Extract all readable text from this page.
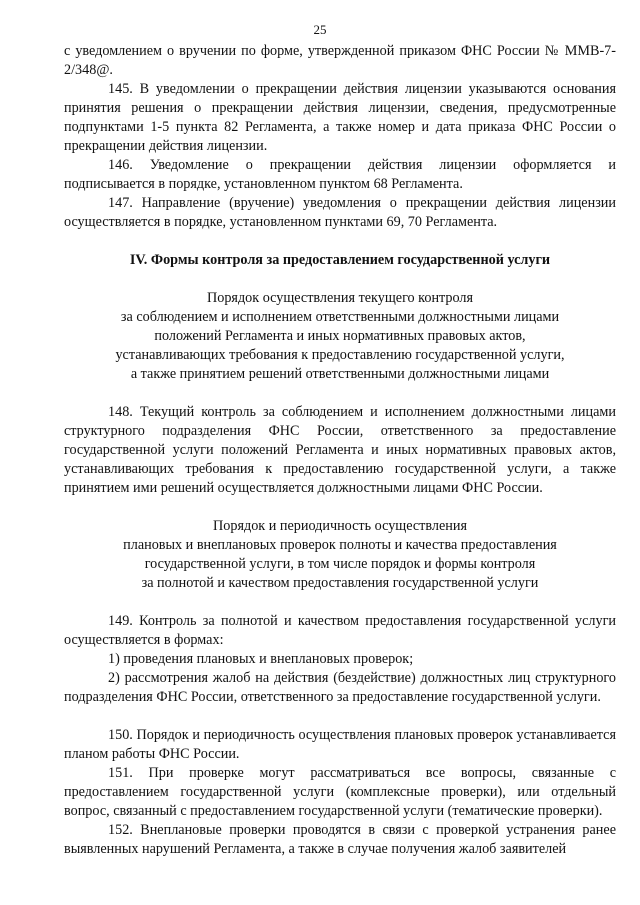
25

с уведомлением о вручении по форме, утвержденной приказом ФНС России № ММВ-7-2/348@.

145. В уведомлении о прекращении действия лицензии указываются основания принятия решения о прекращении действия лицензии, сведения, предусмотренные подпунктами 1-5 пункта 82 Регламента, а также номер и дата приказа ФНС России о прекращении действия лицензии.

146. Уведомление о прекращении действия лицензии оформляется и подписывается в порядке, установленном пунктом 68 Регламента.

147. Направление (вручение) уведомления о прекращении действия лицензии осуществляется в порядке, установленном пунктами 69, 70 Регламента.

IV. Формы контроля за предоставлением государственной услуги

Порядок осуществления текущего контроля

за соблюдением и исполнением ответственными должностными лицами

положений Регламента и иных нормативных правовых актов,

устанавливающих требования к предоставлению государственной услуги,

а также принятием решений ответственными должностными лицами

148. Текущий контроль за соблюдением и исполнением должностными лицами структурного подразделения ФНС России, ответственного за предоставление государственной услуги положений Регламента и иных нормативных правовых актов, устанавливающих требования к предоставлению государственной услуги, а также принятием ими решений осуществляется должностными лицами ФНС России.

Порядок и периодичность осуществления

плановых и внеплановых проверок полноты и качества предоставления

государственной услуги, в том числе порядок и формы контроля

за полнотой и качеством предоставления государственной услуги

149. Контроль за полнотой и качеством предоставления государственной услуги осуществляется в формах:

1) проведения плановых и внеплановых проверок;

2) рассмотрения жалоб на действия (бездействие) должностных лиц структурного подразделения ФНС России, ответственного за предоставление государственной услуги.

150. Порядок и периодичность осуществления плановых проверок устанавливается планом работы ФНС России.

151. При проверке могут рассматриваться все вопросы, связанные с предоставлением государственной услуги (комплексные проверки), или отдельный вопрос, связанный с предоставлением государственной услуги (тематические проверки).

152. Внеплановые проверки проводятся в связи с проверкой устранения ранее выявленных нарушений Регламента, а также в случае получения жалоб заявителей
